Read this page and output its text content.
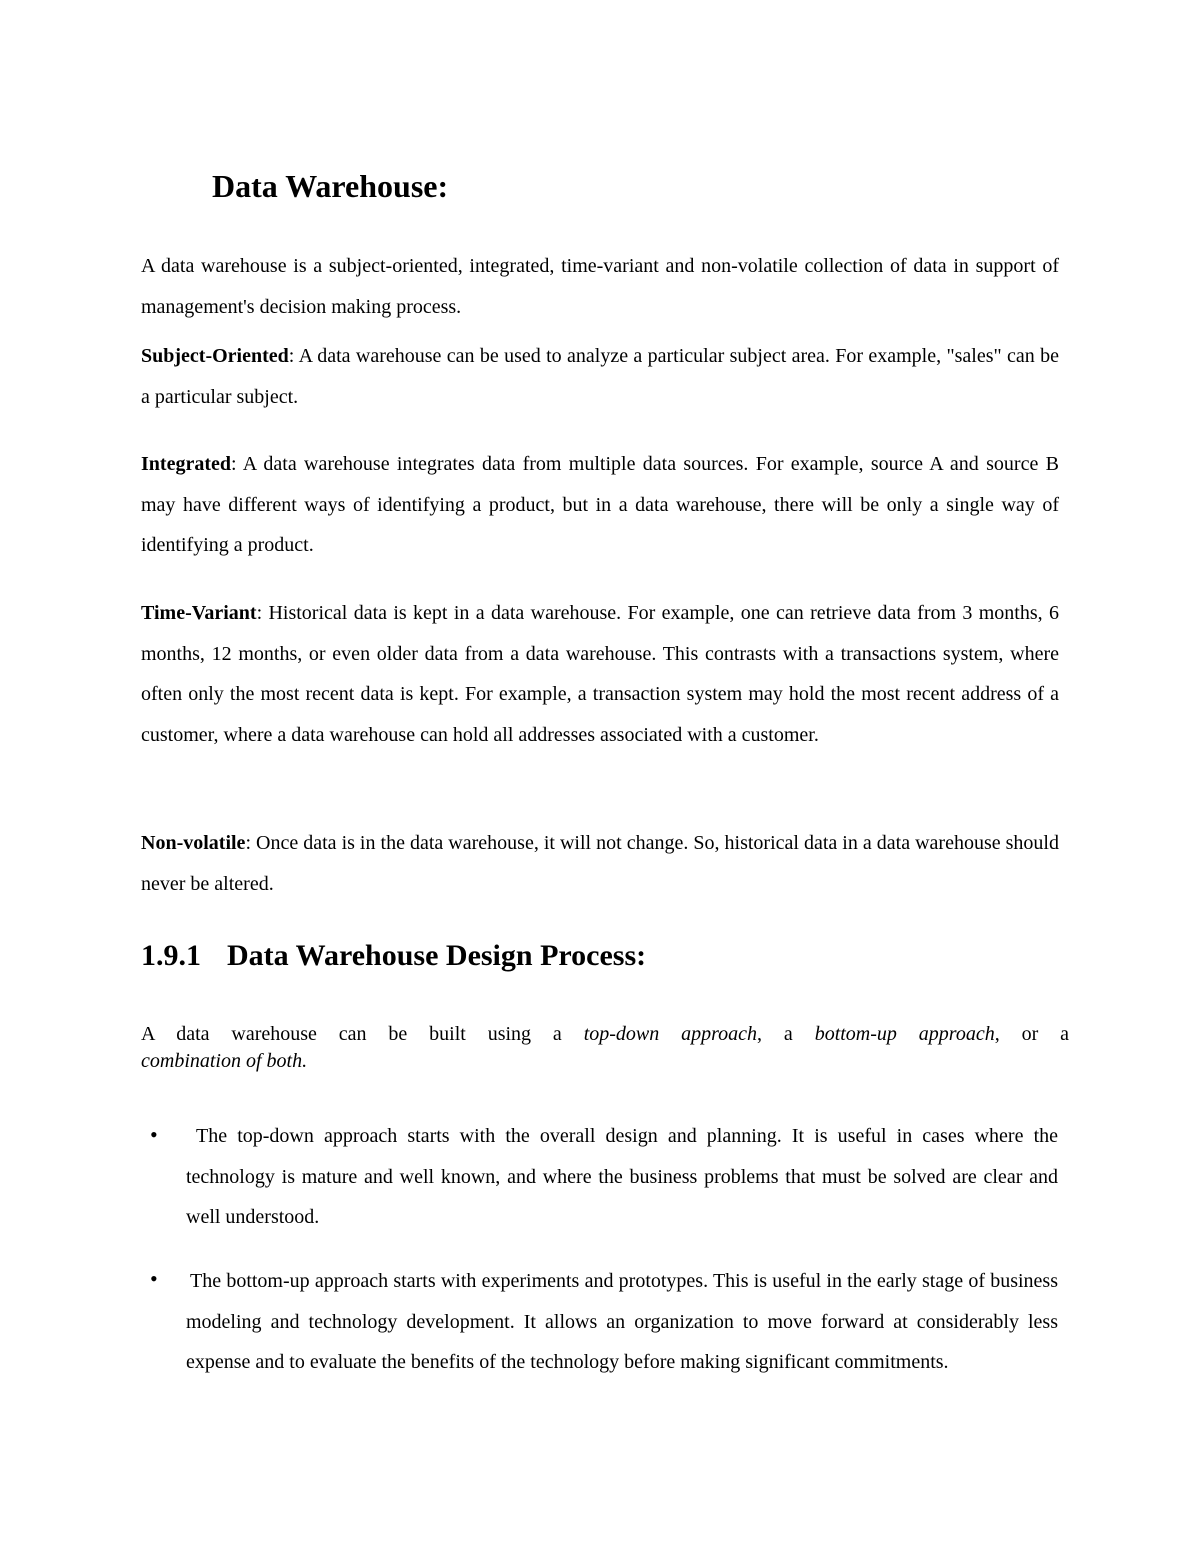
Data Warehouse:

A data warehouse is a subject-oriented, integrated, time-variant and non-volatile collection of data in support of management's decision making process.

Subject-Oriented: A data warehouse can be used to analyze a particular subject area. For example, "sales" can be a particular subject.

Integrated: A data warehouse integrates data from multiple data sources. For example, source A and source B may have different ways of identifying a product, but in a data warehouse, there will be only a single way of identifying a product.

Time-Variant: Historical data is kept in a data warehouse. For example, one can retrieve data from 3 months, 6 months, 12 months, or even older data from a data warehouse. This contrasts with a transactions system, where often only the most recent data is kept. For example, a transaction system may hold the most recent address of a customer, where a data warehouse can hold all addresses associated with a customer.

Non-volatile: Once data is in the data warehouse, it will not change. So, historical data in a data warehouse should never be altered.

1.9.1 Data Warehouse Design Process:
A data warehouse can be built using a top-down approach, a bottom-up approach, or a
combination of both.
•	The top-down approach starts with the overall design and planning. It is useful in cases where the technology is mature and well known, and where the business problems that must be solved are clear and well understood.

• The bottom-up approach starts with experiments and prototypes. This is useful in the early stage of business modeling and technology development. It allows an organization to move forward at considerably less expense and to evaluate the benefits of the technology before making significant commitments.
